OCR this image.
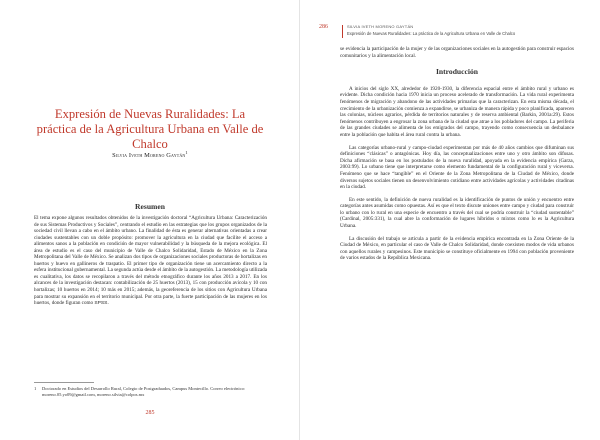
Expresión de Nuevas Ruralidades: La práctica de la Agricultura Urbana en Valle de Chalco
Silvia Iveth Moreno Gaytán$^1$
Resumen

El tema expone algunos resultados obtenidos de la investigación doctoral “Agricultura Urbana: Caracterización de sus Sistemas Productivos y Sociales”, centrando el estudio en las estrategias que los grupos organizados de la sociedad civil llevan a cabo en el ámbito urbano. La finalidad de ésta es generar alternativas orientadas a crear ciudades sustentables con un doble propósito: promover la agricultura en la ciudad que facilite el acceso a alimentos sanos a la población en condición de mayor vulnerabilidad y la búsqueda de la mejora ecológica. El área de estudio es el caso del municipio de Valle de Chalco Solidaridad, Estado de México en la Zona Metropolitana del Valle de México. Se analizan dos tipos de organizaciones sociales productoras de hortalizas en huertos y huevo en gallineros de traspatio. El primer tipo de organización tiene un acercamiento directo a la esfera institucional gubernamental. La segunda actúa desde el ámbito de la autogestión. La metodología utilizada es cualitativa, los datos se recopilaron a través del método etnográfico durante los años 2013 a 2017. En los alcances de la investigación destacan: contabilización de 25 huertos (2013), 15 con producción avícola y 10 con hortalizas; 10 huertos en 2014; 10 más en 2015; además, la georeferencia de los sitios con Agricultura Urbana para mostrar su expansión en el territorio municipal. Por otra parte, la fuerte participación de las mujeres en los huertos, donde figuran como SPSS.

1	Doctorado en Estudios del Desarrollo Rural, Colegio de Postgraduados, Campus Montecillo. Correo electrónico: moreno.05.yo09@gmail.com, moreno.silvia@colpos.mx
285
286	SILVIA IVETH MORENO GAYTÁN
Expresión de Nuevas Ruralidades: La práctica de la Agricultura Urbana en Valle de Chalco

se evidencia la participación de la mujer y de las organizaciones sociales en la autogestión para construir espacios comunitarios y la alimentación local.

Introducción

A inicios del siglo XX, alrededor de 1920-1930, la diferencia espacial entre el ámbito rural y urbano es evidente. Dicha condición hacia 1970 inicia un proceso acelerado de transformación. La vida rural experimenta fenómenos de migración y abandono de las actividades primarias que la caracterizan. En esta misma década, el crecimiento de la urbanización comienza a expandirse, se urbaniza de manera rápida y poco planificada, aparecen las colonias, núcleos agrarios, pérdida de territorios naturales y de reserva ambiental (Barkin, 2001a:29). Estos fenómenos contribuyen a engrosar la zona urbana de la ciudad que atrae a los pobladores del campo. La periferia de las grandes ciudades se alimenta de los emigrados del campo, trayendo como consecuencia un desbalance entre la población que habita el área rural contra la urbana.

Las categorías urbano-rural y campo-ciudad experimentan por más de 40 años cambios que difuminan sus definiciones “clásicas” o antagónicas. Hoy día, las conceptualizaciones entre uno y otro ámbito son difusas. Dicha afirmación se basa en los postulados de la nueva ruralidad, apoyada en la evidencia empírica (Garza, 2003:99). Lo urbano tiene que interpretarse como elemento fundamental de la configuración rural y viceversa. Fenómeno que se hace “tangible” en el Oriente de la Zona Metropolitana de la Ciudad de México, donde diversos sujetos sociales tienen un desenvolvimiento cotidiano entre actividades agrícolas y actividades citadinas en la ciudad.

En este sentido, la definición de nueva ruralidad es la identificación de puntos de unión y encuentro entre categorías antes asumidas como opuestas. Así es que el texto discute uniones entre campo y ciudad para construir lo urbano con lo rural en una especie de encuentro a través del cual se podría construir la “ciudad sustentable” (Cardinal, 2005:331), la cual abre la conformación de lugares híbridos o mixtos como lo es la Agricultura Urbana.

La discusión del trabajo se articula a partir de la evidencia empírica encontrada en la Zona Oriente de la Ciudad de México, en particular el caso de Valle de Chalco Solidaridad, donde coexisten modos de vida urbanos con aquellos rurales y campesinos. Este municipio se constituye oficialmente en 1994 con población proveniente de varios estados de la República Mexicana.
